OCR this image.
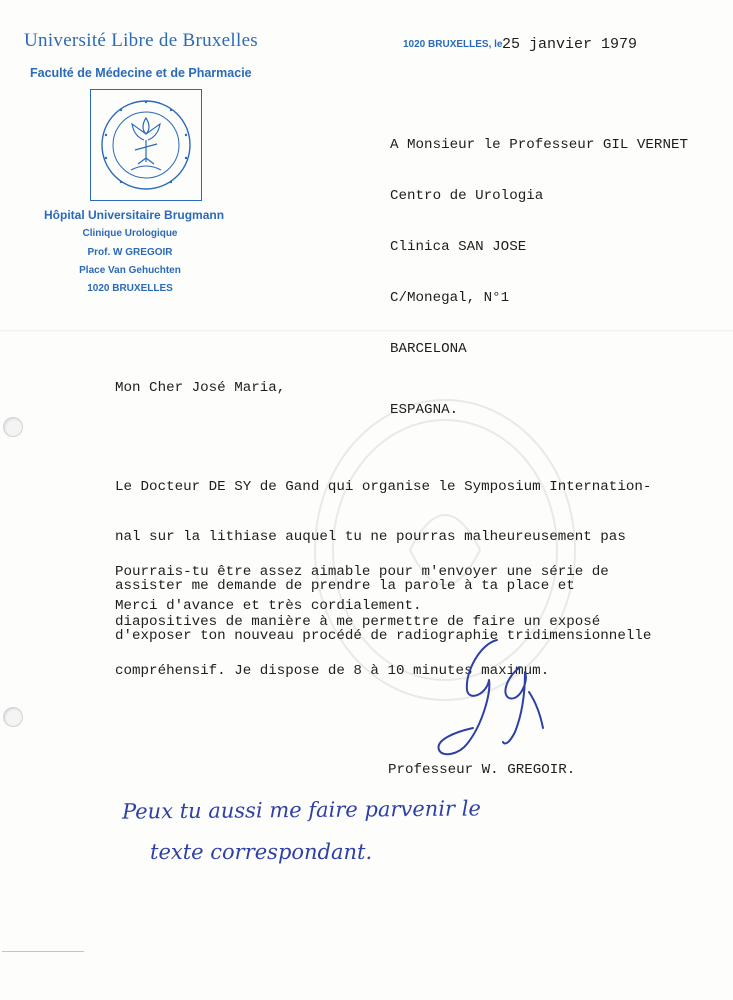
Université Libre de Bruxelles
Faculté de Médecine et de Pharmacie
Hôpital Universitaire Brugmann
Clinique Urologique
Prof. W GREGOIR
Place Van Gehuchten
1020 BRUXELLES
1020 BRUXELLES, le 25 janvier 1979

A Monsieur le Professeur GIL VERNET

Centro de Urologia

Clinica SAN JOSE

C/Monegal, N°1

BARCELONA

ESPAGNA.

Mon Cher José Maria,

Le Docteur DE SY de Gand qui organise le Symposium Internation-

nal sur la lithiase auquel tu ne pourras malheureusement pas

assister me demande de prendre la parole à ta place et

d'exposer ton nouveau procédé de radiographie tridimensionnelle

Pourrais-tu être assez aimable pour m'envoyer une série de

diapositives de manière à me permettre de faire un exposé

compréhensif. Je dispose de 8 à 10 minutes maximum.

Merci d'avance et très cordialement.
Professeur W. GREGOIR.
Peux tu aussi me faire parvenir le
texte correspondant.
